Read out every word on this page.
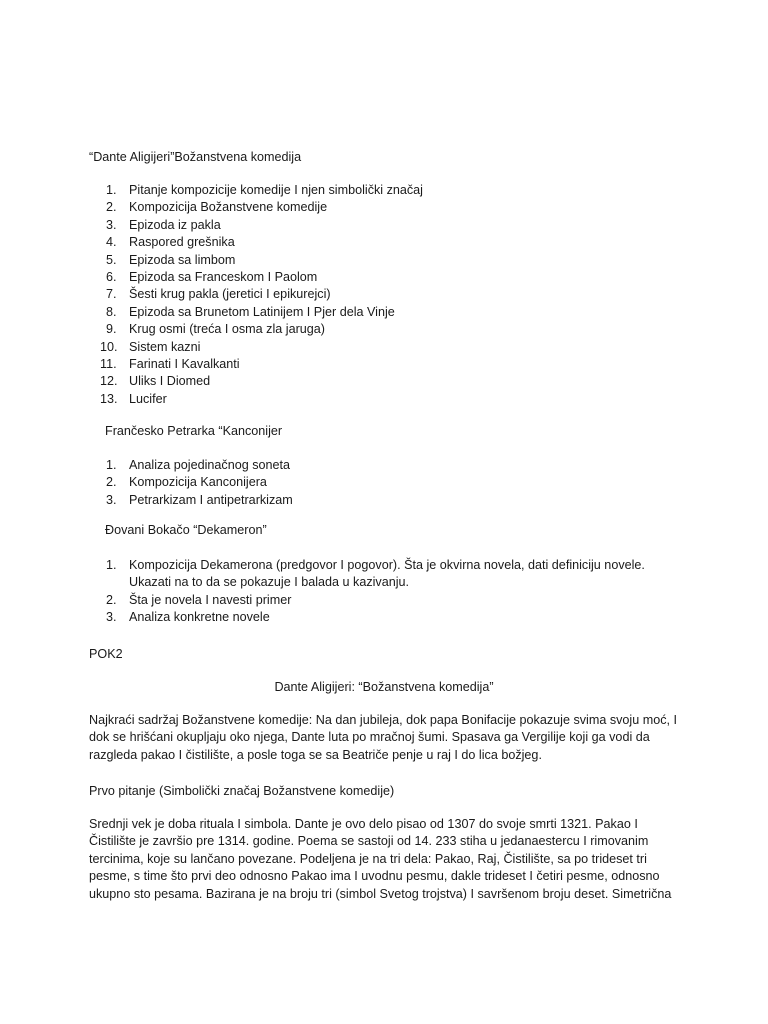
“Dante Aligijeri”Božanstvena komedija

1. Pitanje kompozicije komedije I njen simbolički značaj
2. Kompozicija Božanstvene komedije
3. Epizoda iz pakla
4. Raspored grešnika
5. Epizoda sa limbom
6. Epizoda sa Franceskom I Paolom
7. Šesti krug pakla (jeretici I epikurejci)
8. Epizoda sa Brunetom Latinijem I Pjer dela Vinje
9. Krug osmi (treća I osma zla jaruga)
10. Sistem kazni
11. Farinati I Kavalkanti
12. Uliks I Diomed
13. Lucifer

Frančesko Petrarka “Kanconijer

1. Analiza pojedinačnog soneta
2. Kompozicija Kanconijera
3. Petrarkizam I antipetrarkizam

Đovani Bokačo “Dekameron”

1. Kompozicija Dekamerona (predgovor I pogovor). Šta je okvirna novela, dati definiciju novele. Ukazati na to da se pokazuje I balada u kazivanju.
2. Šta je novela I navesti primer
3. Analiza konkretne novele

POK2

Dante Aligijeri: “Božanstvena komedija”

Najkraći sadržaj Božanstvene komedije: Na dan jubileja, dok papa Bonifacije pokazuje svima svoju moć, I
dok se hrišćani okupljaju oko njega, Dante luta po mračnoj šumi. Spasava ga Vergilije koji ga vodi da
razgleda pakao I čistilište, a posle toga se sa Beatriče penje u raj I do lica božjeg.

Prvo pitanje (Simbolički značaj Božanstvene komedije)

Srednji vek je doba rituala I simbola. Dante je ovo delo pisao od 1307 do svoje smrti 1321. Pakao I
Čistilište je završio pre 1314. godine. Poema se sastoji od 14. 233 stiha u jedanaestercu I rimovanim
tercinima, koje su lančano povezane. Podeljena je na tri dela: Pakao, Raj, Čistilište, sa po trideset tri
pesme, s time što prvi deo odnosno Pakao ima I uvodnu pesmu, dakle trideset I četiri pesme, odnosno
ukupno sto pesama. Bazirana je na broju tri (simbol Svetog trojstva) I savršenom broju deset. Simetrična
